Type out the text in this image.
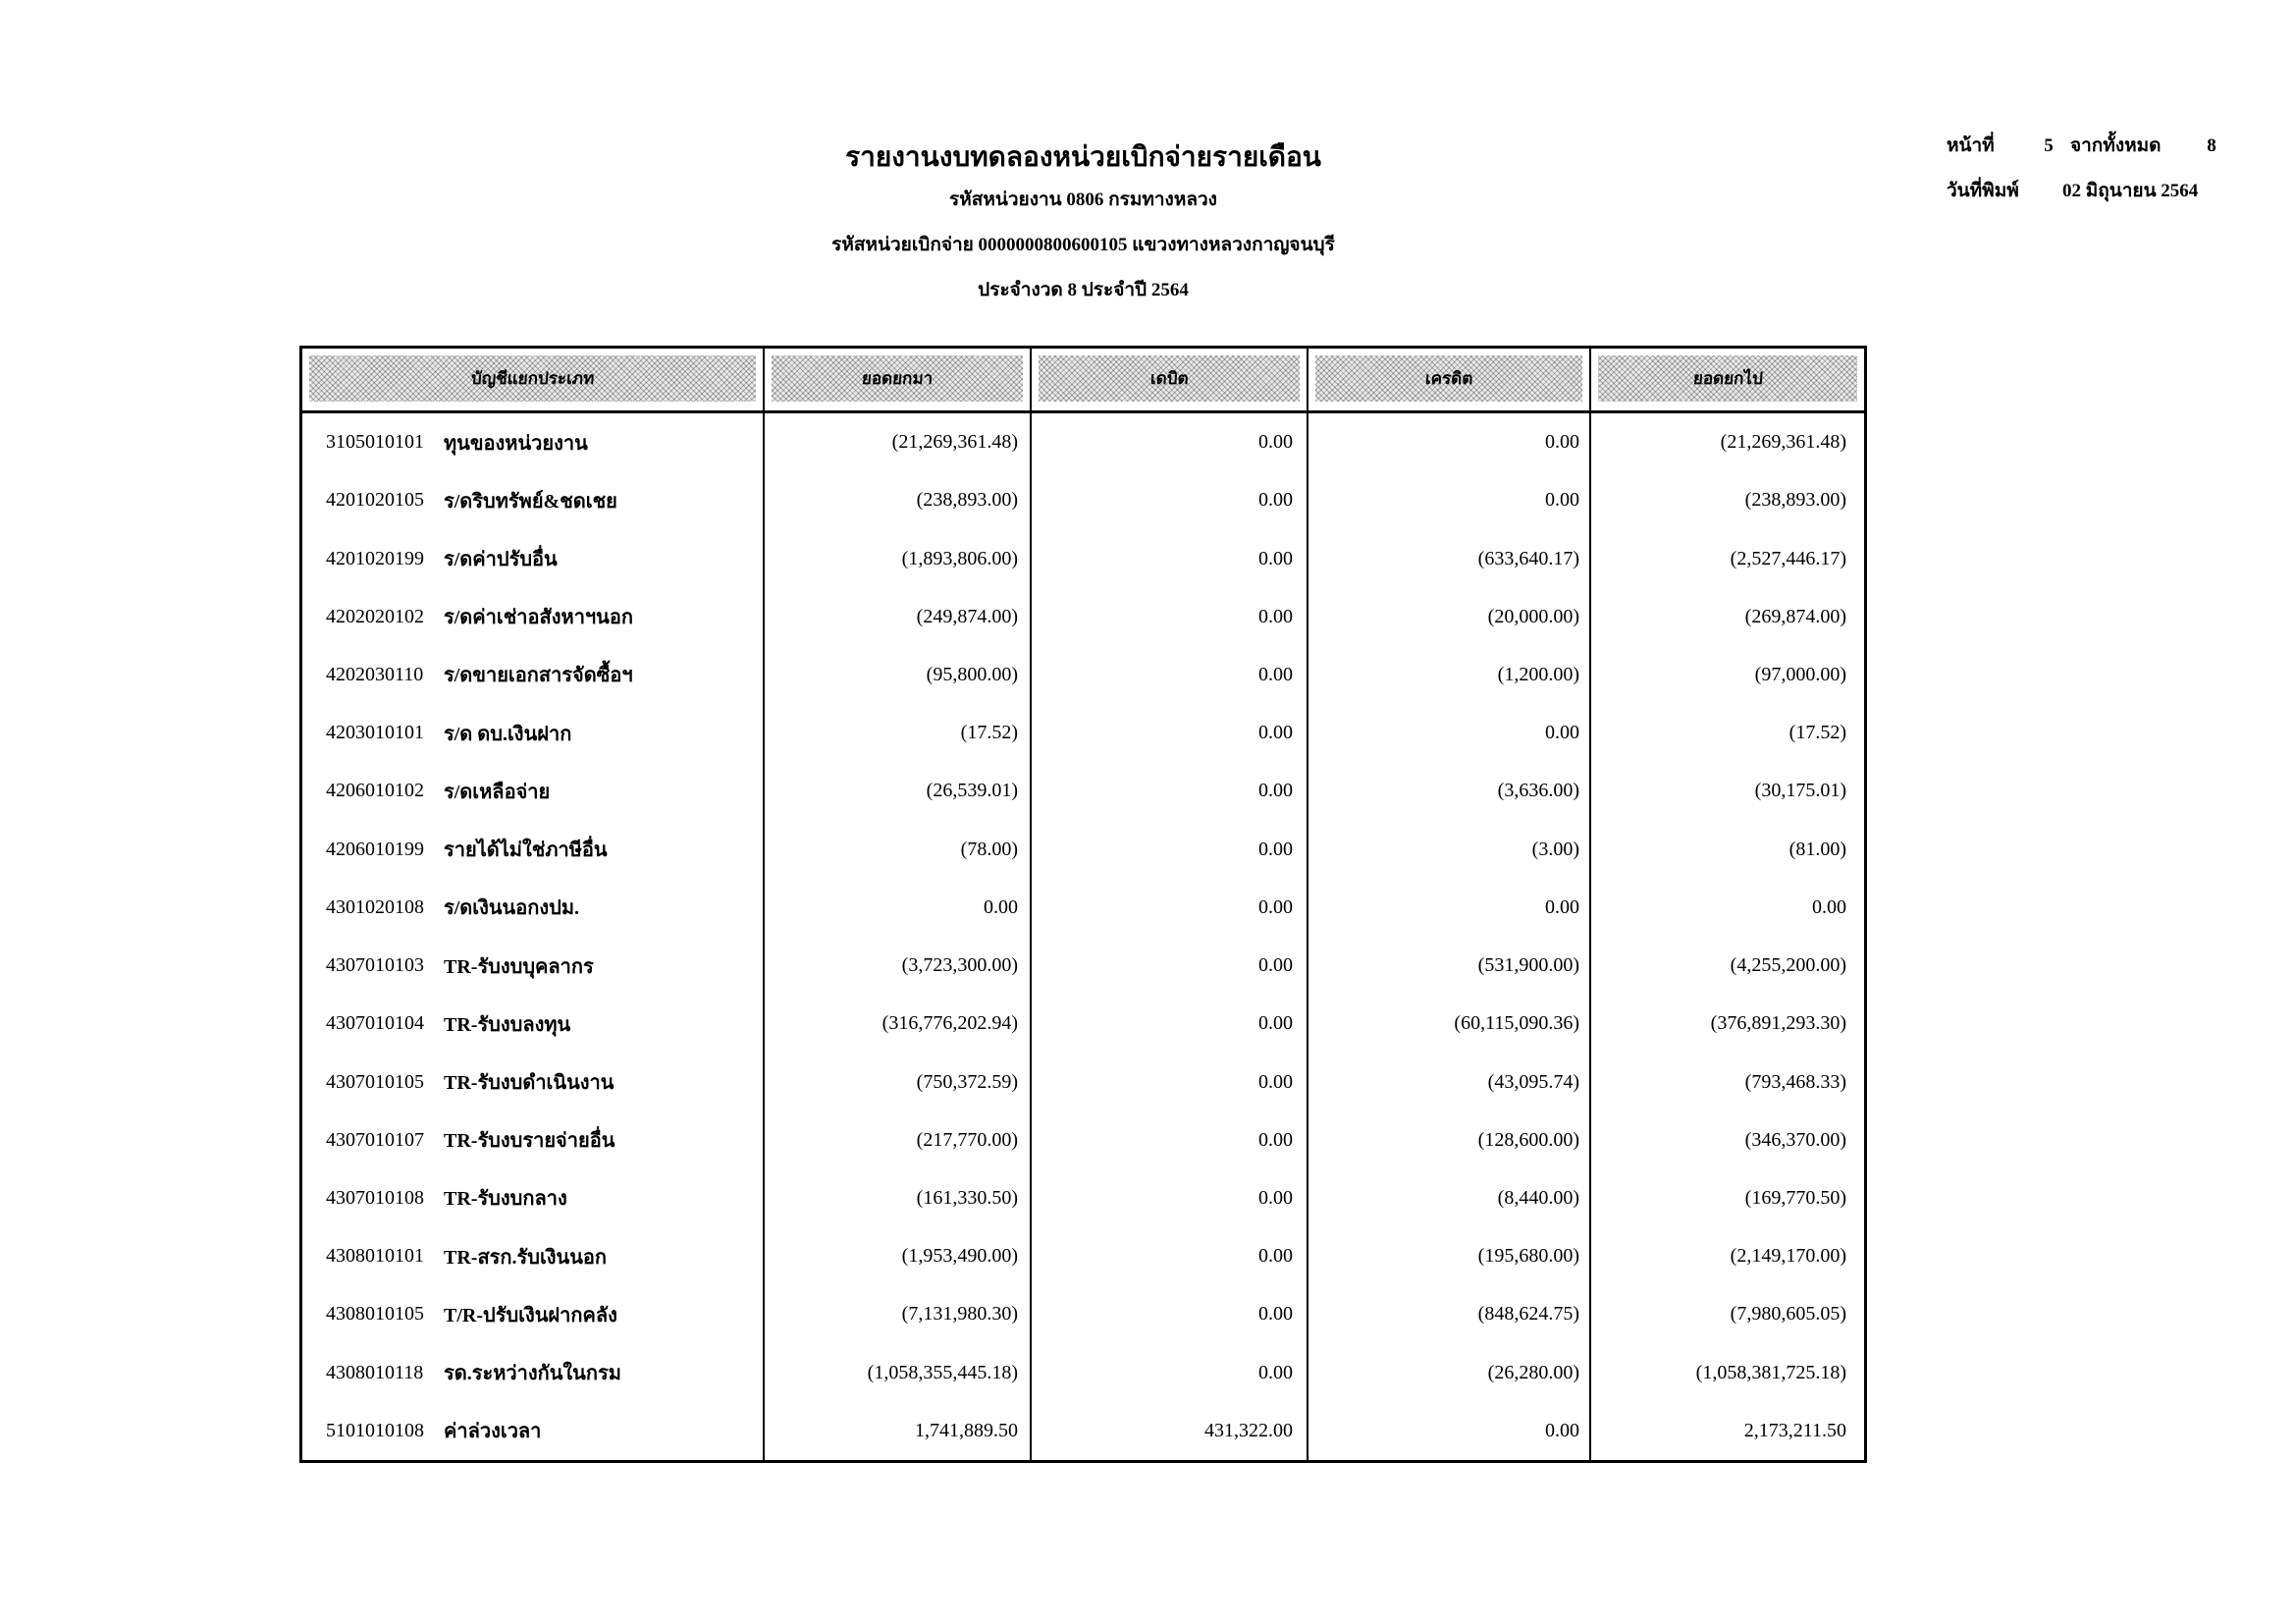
รายงานงบทดลองหน่วยเบิกจ่ายรายเดือน
รหัสหน่วยงาน 0806 กรมทางหลวง
รหัสหน่วยเบิกจ่าย 0000000800600105 แขวงทางหลวงกาญจนบุรี
ประจำงวด 8 ประจำปี 2564
หน้าที่	5 จากทั้งหมด	8
วันที่พิมพ์	02 มิถุนายน 2564
บัญชีแยกประเภท	ยอดยกมา	เดบิต	เครดิต	ยอดยกไป
3105010101	ทุนของหน่วยงาน	(21,269,361.48)	0.00	0.00	(21,269,361.48)
4201020105	ร/ดริบทรัพย์&ชดเชย	(238,893.00)	0.00	0.00	(238,893.00)
4201020199	ร/ดค่าปรับอื่น	(1,893,806.00)	0.00	(633,640.17)	(2,527,446.17)
4202020102	ร/ดค่าเช่าอสังหาฯนอก	(249,874.00)	0.00	(20,000.00)	(269,874.00)
4202030110	ร/ดขายเอกสารจัดซื้อฯ	(95,800.00)	0.00	(1,200.00)	(97,000.00)
4203010101	ร/ด ดบ.เงินฝาก	(17.52)	0.00	0.00	(17.52)
4206010102	ร/ดเหลือจ่าย	(26,539.01)	0.00	(3,636.00)	(30,175.01)
4206010199	รายได้ไม่ใช่ภาษีอื่น	(78.00)	0.00	(3.00)	(81.00)
4301020108	ร/ดเงินนอกงปม.	0.00	0.00	0.00	0.00
4307010103	TR-รับงบบุคลากร	(3,723,300.00)	0.00	(531,900.00)	(4,255,200.00)
4307010104	TR-รับงบลงทุน	(316,776,202.94)	0.00	(60,115,090.36)	(376,891,293.30)
4307010105	TR-รับงบดำเนินงาน	(750,372.59)	0.00	(43,095.74)	(793,468.33)
4307010107	TR-รับงบรายจ่ายอื่น	(217,770.00)	0.00	(128,600.00)	(346,370.00)
4307010108	TR-รับงบกลาง	(161,330.50)	0.00	(8,440.00)	(169,770.50)
4308010101	TR-สรก.รับเงินนอก	(1,953,490.00)	0.00	(195,680.00)	(2,149,170.00)
4308010105	T/R-ปรับเงินฝากคลัง	(7,131,980.30)	0.00	(848,624.75)	(7,980,605.05)
4308010118	รด.ระหว่างกันในกรม	(1,058,355,445.18)	0.00	(26,280.00)	(1,058,381,725.18)
5101010108	ค่าล่วงเวลา	1,741,889.50	431,322.00	0.00	2,173,211.50
